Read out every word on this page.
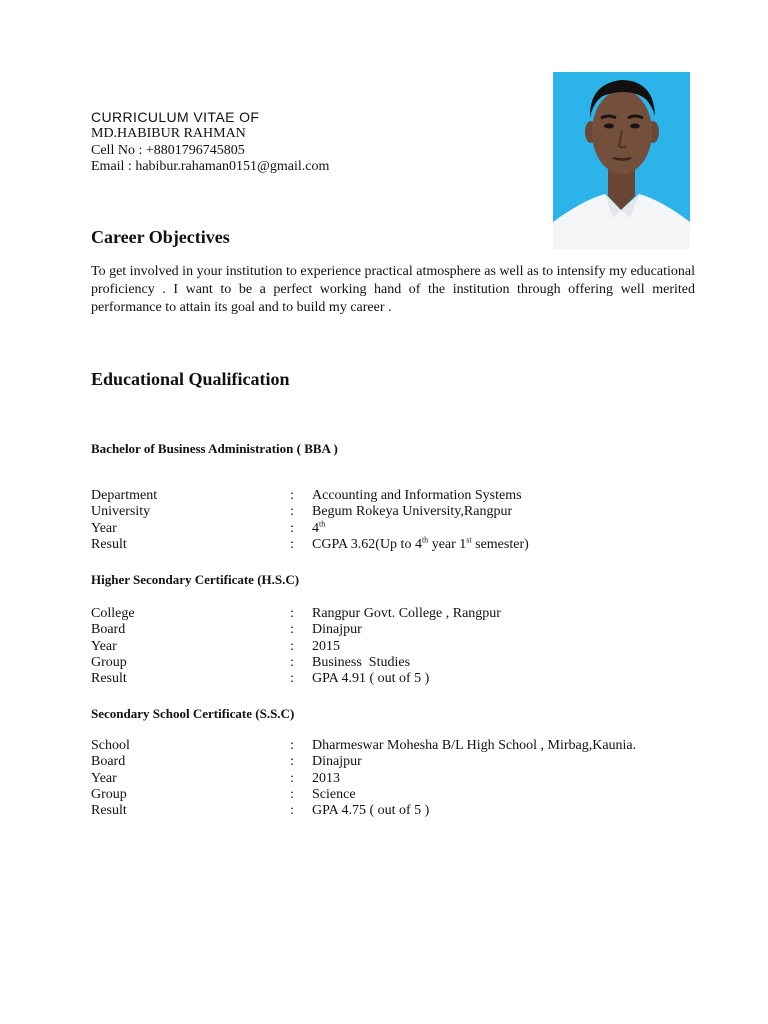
CURRICULUM VITAE OF
MD.HABIBUR RAHMAN
Cell No : +8801796745805
Email : habibur.rahaman0151@gmail.com
Career Objectives
To get involved in your institution to experience practical atmosphere as well as to intensify my educational proficiency . I want to be a perfect working hand of the institution through offering well merited performance to attain its goal and to build my career .
Educational Qualification
Bachelor of Business Administration ( BBA )
Department	: Accounting and Information Systems
University	: Begum Rokeya University,Rangpur
Year	: 4th
Result	: CGPA 3.62(Up to 4th year 1st semester)
Higher Secondary Certificate (H.S.C)
College	: Rangpur Govt. College , Rangpur
Board	: Dinajpur
Year	: 2015
Group	: Business  Studies
Result	: GPA 4.91 ( out of 5 )
Secondary School Certificate (S.S.C)
School	: Dharmeswar Mohesha B/L High School , Mirbag,Kaunia.
Board	: Dinajpur
Year	: 2013
Group	: Science
Result	: GPA 4.75 ( out of 5 )
